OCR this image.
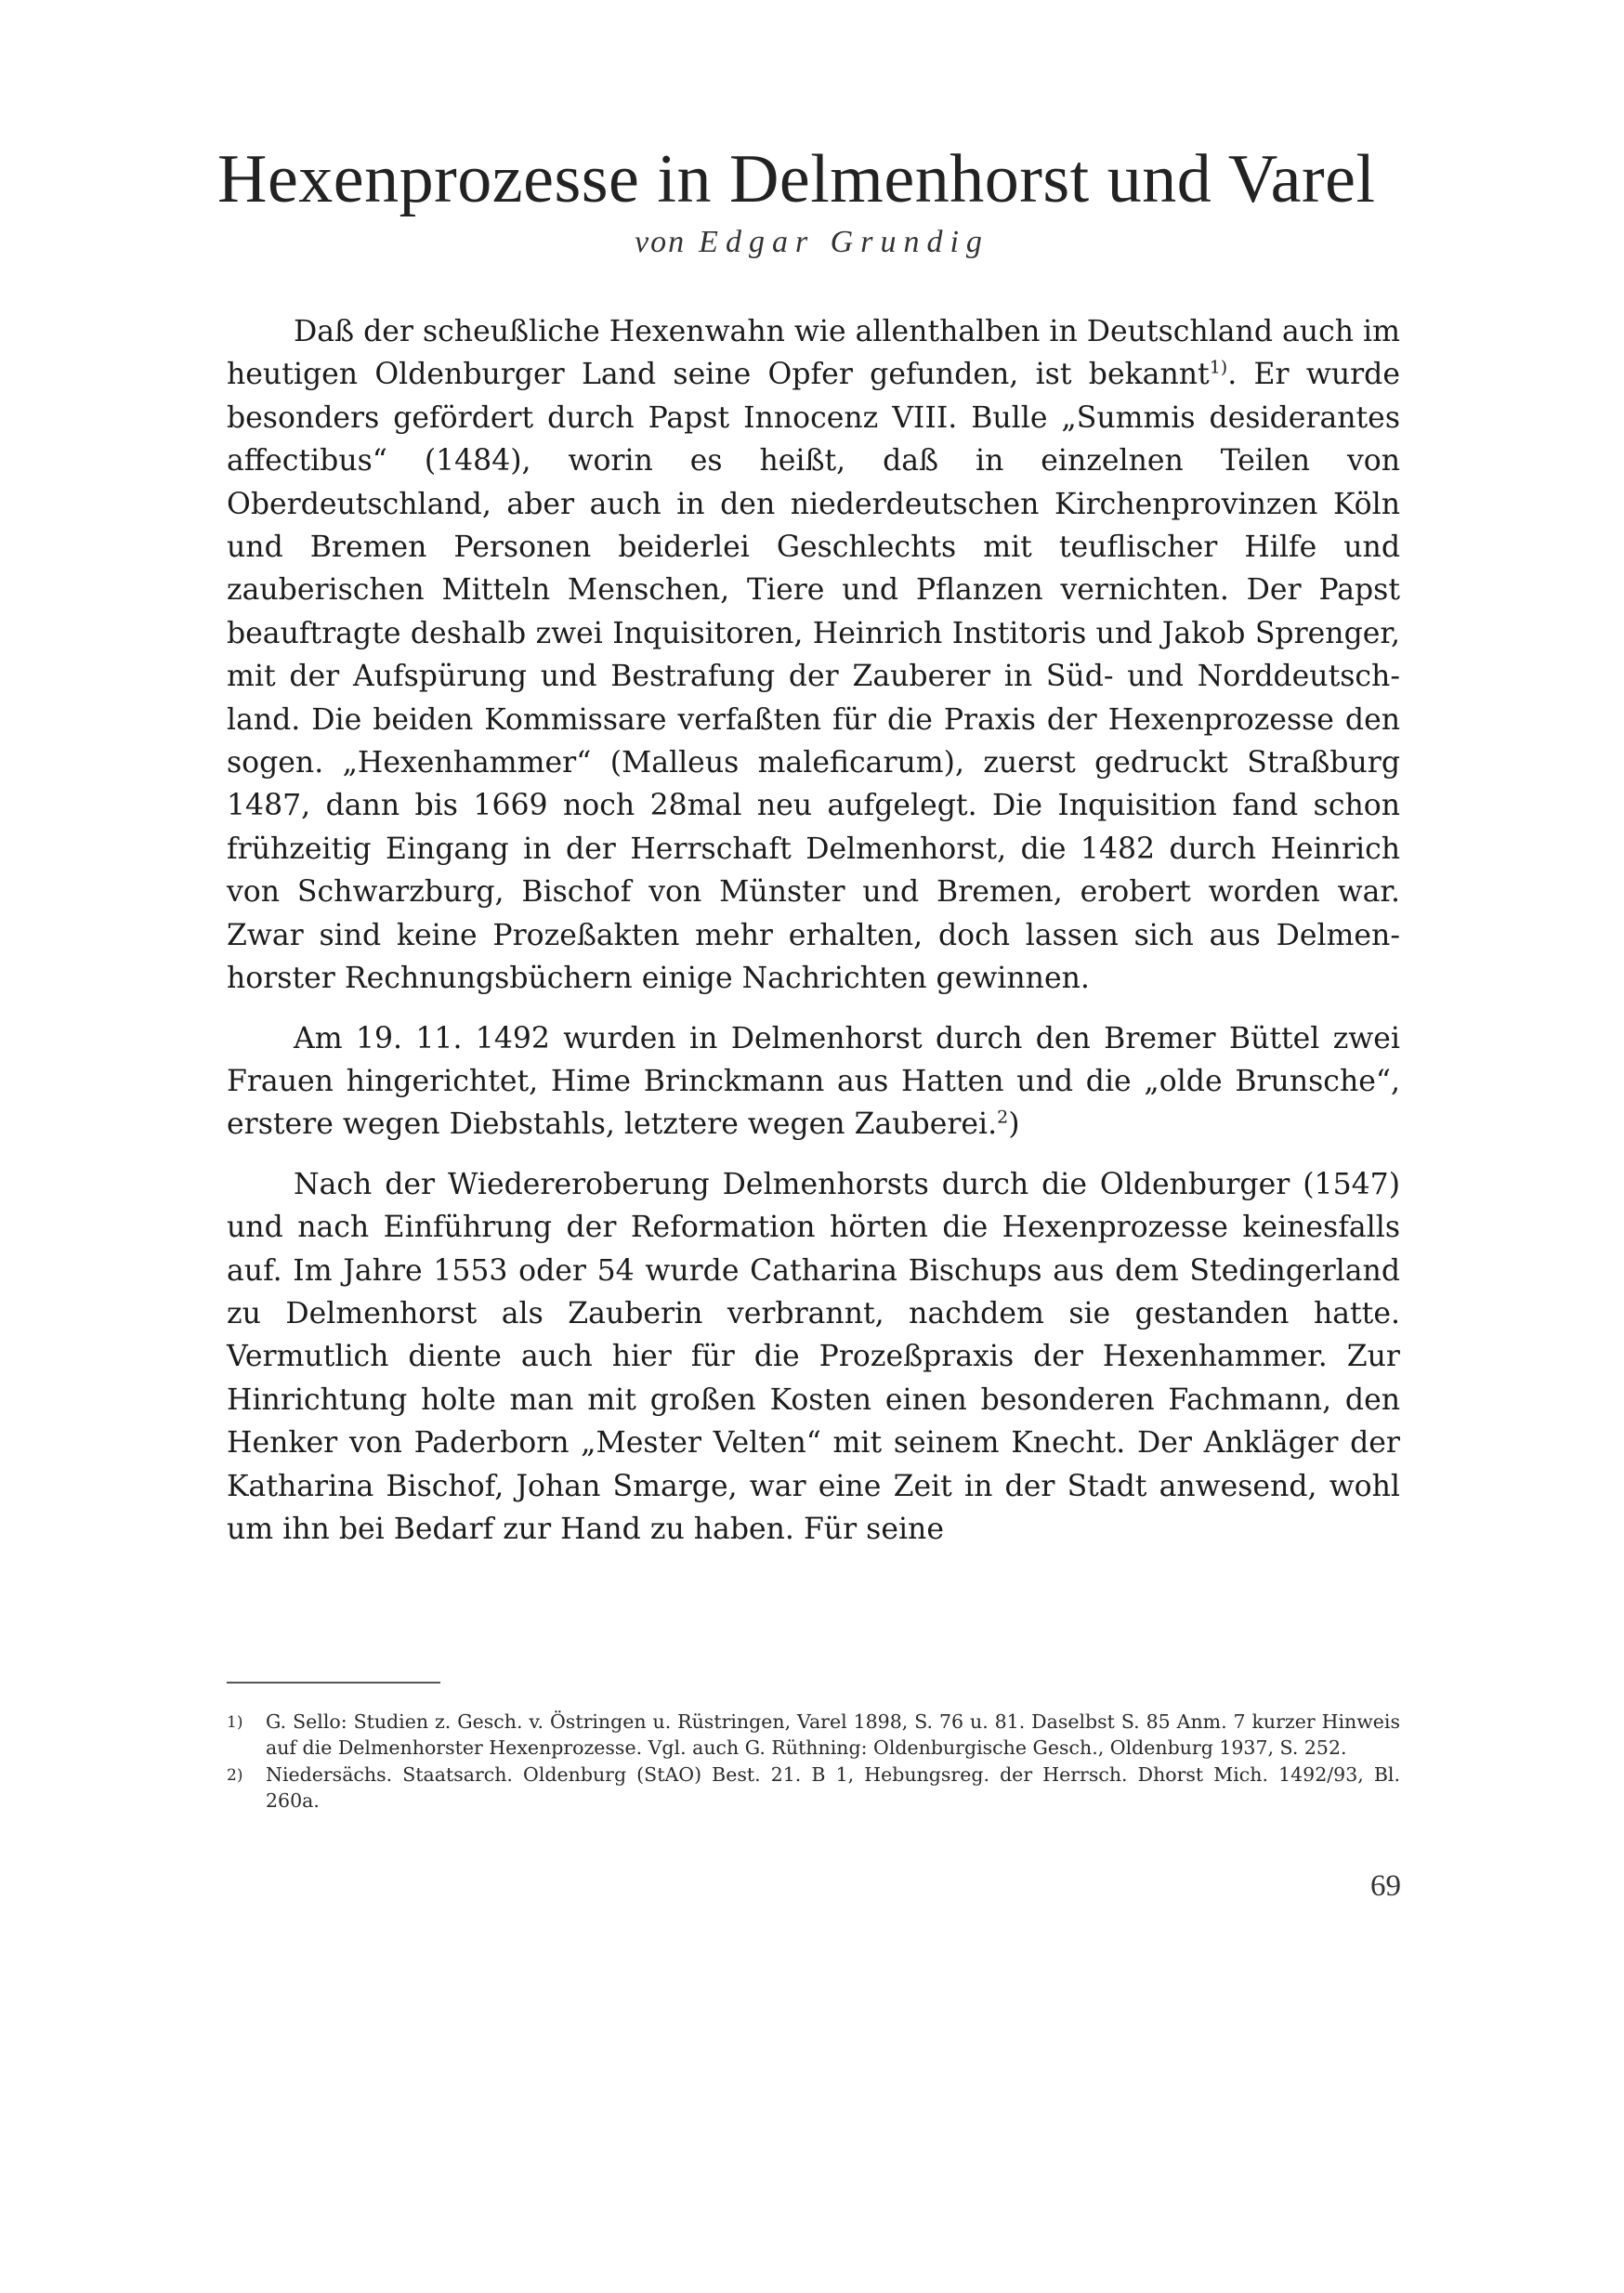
Hexenprozesse in Delmenhorst und Varel
von Edgar Grundig

Daß der scheußliche Hexenwahn wie allenthalben in Deutschland auch im heutigen Oldenburger Land seine Opfer gefunden, ist bekannt$^{1)}$. Er wurde besonders gefördert durch Papst Innocenz VIII. Bulle „Summis desiderantes affectibus“ (1484), worin es heißt, daß in einzelnen Teilen von Oberdeutschland, aber auch in den niederdeutschen Kirchenprovinzen Köln und Bremen Personen beiderlei Geschlechts mit teuflischer Hilfe und zauberischen Mitteln Menschen, Tiere und Pflanzen vernichten. Der Papst beauftragte deshalb zwei Inquisitoren, Heinrich Institoris und Jakob Sprenger, mit der Aufspürung und Bestrafung der Zauberer in Süd- und Norddeutschland. Die beiden Kommissare verfaßten für die Praxis der Hexenprozesse den sogen. „Hexenhammer“ (Malleus maleficarum), zuerst gedruckt Straßburg 1487, dann bis 1669 noch 28mal neu aufgelegt. Die Inquisition fand schon frühzeitig Eingang in der Herrschaft Delmenhorst, die 1482 durch Heinrich von Schwarzburg, Bischof von Münster und Bremen, erobert worden war. Zwar sind keine Prozeßakten mehr erhalten, doch lassen sich aus Delmenhorster Rechnungsbüchern einige Nachrichten gewinnen.

Am 19. 11. 1492 wurden in Delmenhorst durch den Bremer Büttel zwei Frauen hingerichtet, Hime Brinckmann aus Hatten und die „olde Brunsche“, erstere wegen Diebstahls, letztere wegen Zauberei.$^2$)

Nach der Wiedereroberung Delmenhorsts durch die Oldenburger (1547) und nach Einführung der Reformation hörten die Hexenprozesse keinesfalls auf. Im Jahre 1553 oder 54 wurde Catharina Bischups aus dem Stedingerland zu Delmenhorst als Zauberin verbrannt, nachdem sie gestanden hatte. Vermutlich diente auch hier für die Prozeßpraxis der Hexenhammer. Zur Hinrichtung holte man mit großen Kosten einen besonderen Fachmann, den Henker von Paderborn „Mester Velten“ mit seinem Knecht. Der Ankläger der Katharina Bischof, Johan Smarge, war eine Zeit in der Stadt anwesend, wohl um ihn bei Bedarf zur Hand zu haben. Für seine

1)	G. Sello: Studien z. Gesch. v. Östringen u. Rüstringen, Varel 1898, S. 76 u. 81. Daselbst S. 85 Anm. 7 kurzer Hinweis auf die Delmenhorster Hexenprozesse. Vgl. auch G. Rüthning: Oldenburgische Gesch., Oldenburg 1937, S. 252.
2)	Niedersächs. Staatsarch. Oldenburg (StAO) Best. 21. B 1, Hebungsreg. der Herrsch. Dhorst Mich. 1492/93, Bl. 260a.
69
